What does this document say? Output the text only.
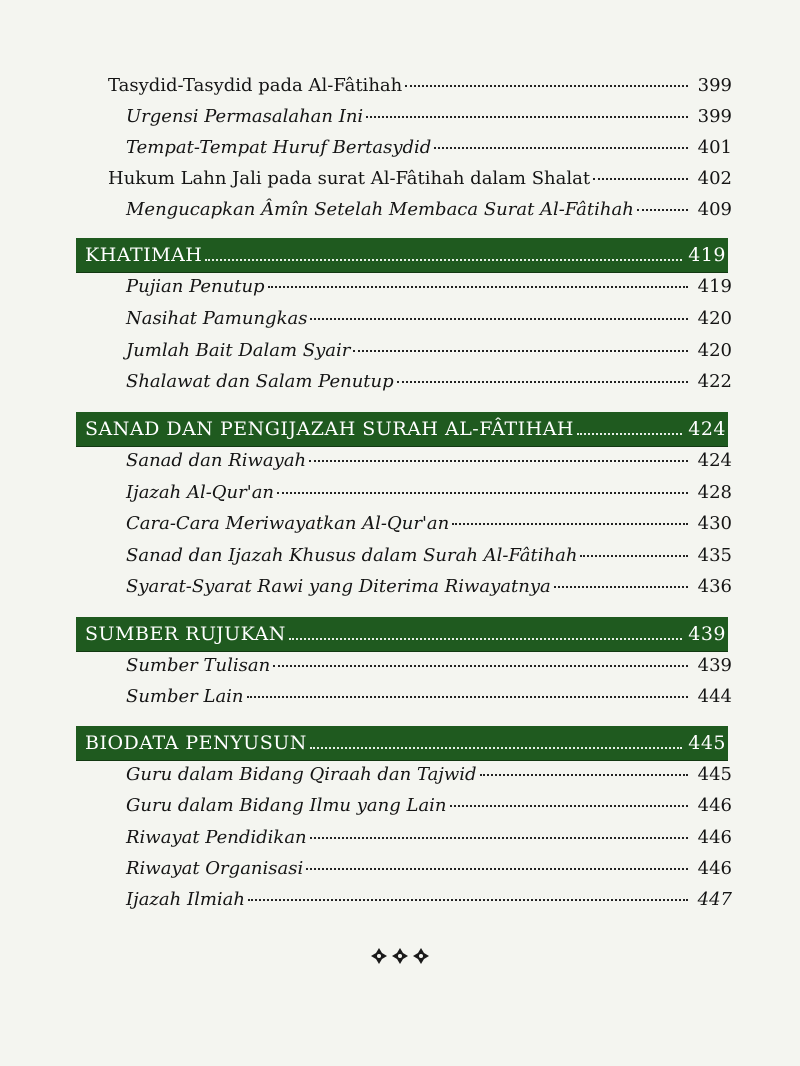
Tasydid-Tasydid pada Al-Fâtihah	399
Urgensi Permasalahan Ini	399
Tempat-Tempat Huruf Bertasydid	401
Hukum Lahn Jali pada surat Al-Fâtihah dalam Shalat	402
Mengucapkan Âmîn Setelah Membaca Surat Al-Fâtihah	409
KHATIMAH	419
Pujian Penutup	419
Nasihat Pamungkas	420
Jumlah Bait Dalam Syair	420
Shalawat dan Salam Penutup	422
SANAD DAN PENGIJAZAH SURAH AL-FÂTIHAH	424
Sanad dan Riwayah	424
Ijazah Al-Qur'an	428
Cara-Cara Meriwayatkan Al-Qur'an	430
Sanad dan Ijazah Khusus dalam Surah Al-Fâtihah	435
Syarat-Syarat Rawi yang Diterima Riwayatnya	436
SUMBER RUJUKAN	439
Sumber Tulisan	439
Sumber Lain	444
BIODATA PENYUSUN	445
Guru dalam Bidang Qiraah dan Tajwid	445
Guru dalam Bidang Ilmu yang Lain	446
Riwayat Pendidikan	446
Riwayat Organisasi	446
Ijazah Ilmiah	447
